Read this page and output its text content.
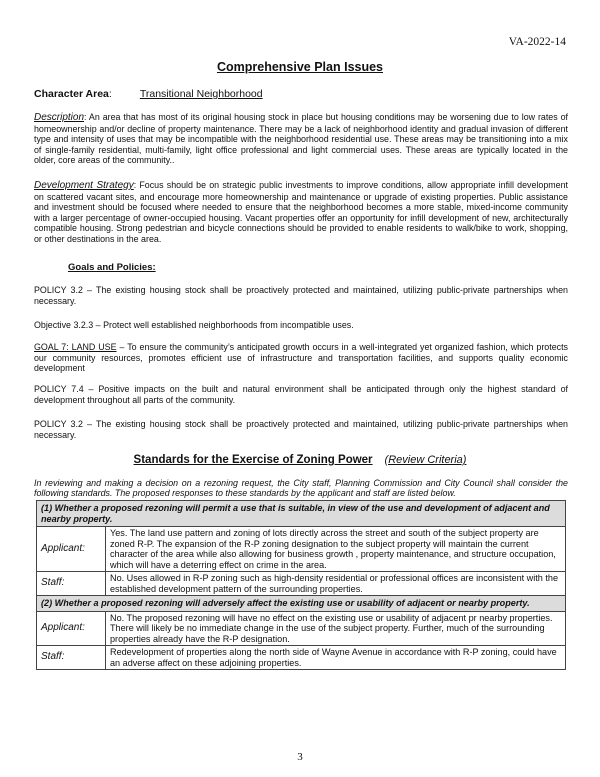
VA-2022-14
Comprehensive Plan Issues
Character Area:	Transitional Neighborhood

Description: An area that has most of its original housing stock in place but housing conditions may be worsening due to low rates of homeownership and/or decline of property maintenance. There may be a lack of neighborhood identity and gradual invasion of different type and intensity of uses that may be incompatible with the neighborhood residential use. These areas may be transitioning into a mix of single-family residential, multi-family, light office professional and light commercial uses. These areas are typically located in the older, core areas of the community..

Development Strategy: Focus should be on strategic public investments to improve conditions, allow appropriate infill development on scattered vacant sites, and encourage more homeownership and maintenance or upgrade of existing properties. Public assistance and investment should be focused where needed to ensure that the neighborhood becomes a more stable, mixed-income community with a larger percentage of owner-occupied housing. Vacant properties offer an opportunity for infill development of new, architecturally compatible housing. Strong pedestrian and bicycle connections should be provided to enable residents to walk/bike to work, shopping, or other destinations in the area.

Goals and Policies:

POLICY 3.2 – The existing housing stock shall be proactively protected and maintained, utilizing public-private partnerships when necessary.

Objective 3.2.3 – Protect well established neighborhoods from incompatible uses.

GOAL 7: LAND USE – To ensure the community’s anticipated growth occurs in a well-integrated yet organized fashion, which protects our community resources, promotes efficient use of infrastructure and transportation facilities, and supports quality economic development

POLICY 7.4 – Positive impacts on the built and natural environment shall be anticipated through only the highest standard of development throughout all parts of the community.

POLICY 3.2 – The existing housing stock shall be proactively protected and maintained, utilizing public-private partnerships when necessary.

Standards for the Exercise of Zoning Power (Review Criteria)

In reviewing and making a decision on a rezoning request, the City staff, Planning Commission and City Council shall consider the following standards. The proposed responses to these standards by the applicant and staff are listed below.

(1) Whether a proposed rezoning will permit a use that is suitable, in view of the use and development of adjacent and nearby property.	
Applicant:	Yes. The land use pattern and zoning of lots directly across the street and south of the subject property are zoned R-P. The expansion of the R-P zoning designation to the subject property will maintain the current character of the area while also allowing for business growth , property maintenance, and structure occupation, which will have a deterring effect on crime in the area.
Staff:	No. Uses allowed in R-P zoning such as high-density residential or professional offices are inconsistent with the established development pattern of the surrounding properties.
(2) Whether a proposed rezoning will adversely affect the existing use or usability of adjacent or nearby property.	
Applicant:	No. The proposed rezoning will have no effect on the existing use or usability of adjacent pr nearby properties. There will likely be no immediate change in the use of the subject property. Further, much of the surrounding properties already have the R-P designation.
Staff:	Redevelopment of properties along the north side of Wayne Avenue in accordance with R-P zoning, could have an adverse affect on these adjoining properties.
3
